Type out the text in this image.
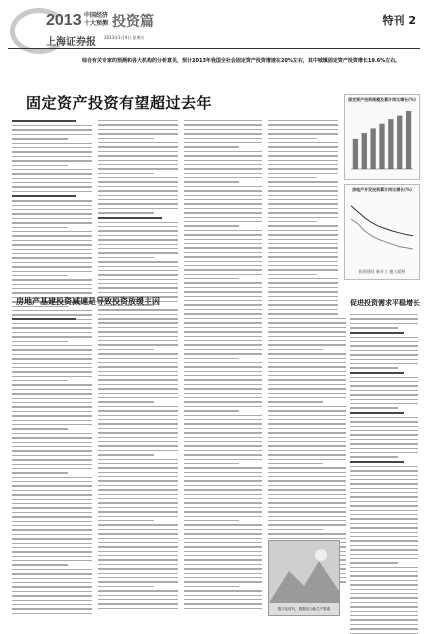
2013 中国经济
十大预测 投资篇
上海证券报 2013年1月4日 星期五
特刊 2
综合有关专家的预测和各大机构的分析意见，预计2013年我国全社会固定资产投资增速在20%左右，其中城镇固定资产投资增长19.6%左右。
固定资产投资有望超过去年	固定资产投资规模及累计同比增长(%)
房地产开发投资累计同比增长(%)
投资建设 新开工 施工面积
房地产基建投资减速是导致投资放缓主因	促进投资需求平稳增长
数字化时代，数据成为新生产要素
